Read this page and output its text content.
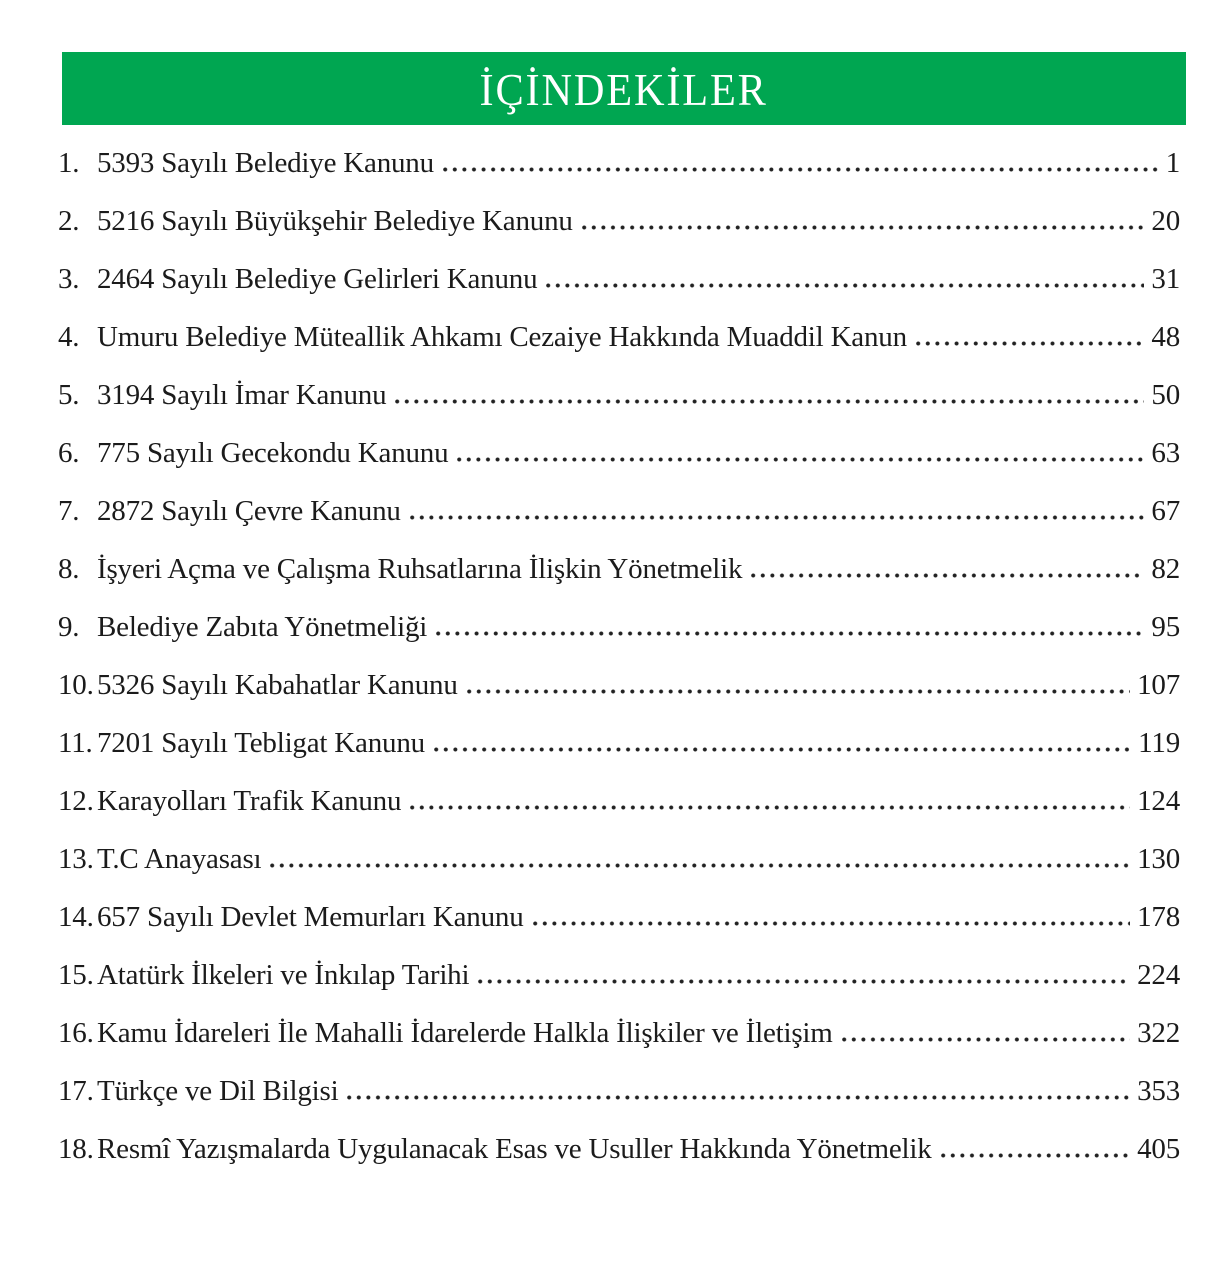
İÇİNDEKİLER
1. 5393 Sayılı Belediye Kanunu	1
2. 5216 Sayılı Büyükşehir Belediye Kanunu	20
3. 2464 Sayılı Belediye Gelirleri Kanunu	31
4. Umuru Belediye Müteallik Ahkamı Cezaiye Hakkında Muaddil Kanun	48
5. 3194 Sayılı İmar Kanunu	50
6. 775 Sayılı Gecekondu Kanunu	63
7. 2872 Sayılı Çevre Kanunu	67
8. İşyeri Açma ve Çalışma Ruhsatlarına İlişkin Yönetmelik	82
9. Belediye Zabıta Yönetmeliği	95
10. 5326 Sayılı Kabahatlar Kanunu	107
11. 7201 Sayılı Tebligat Kanunu	119
12. Karayolları Trafik Kanunu	124
13. T.C Anayasası	130
14. 657 Sayılı Devlet Memurları Kanunu	178
15. Atatürk İlkeleri ve İnkılap Tarihi	224
16. Kamu İdareleri İle Mahalli İdarelerde Halkla İlişkiler ve İletişim	322
17. Türkçe ve Dil Bilgisi	353
18. Resmî Yazışmalarda Uygulanacak Esas ve Usuller Hakkında Yönetmelik	405
